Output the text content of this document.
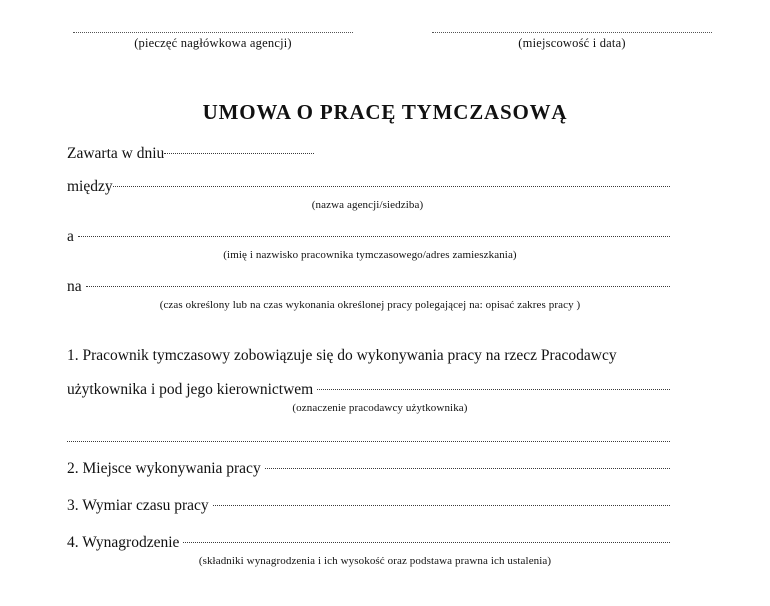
(pieczęć nagłówkowa agencji)	(miejscowość i data)
UMOWA O PRACĘ TYMCZASOWĄ
Zawarta w dniu
między
(nazwa agencji/siedziba)
a
(imię i nazwisko pracownika tymczasowego/adres zamieszkania)
na
(czas określony lub na czas wykonania określonej pracy polegającej na: opisać zakres pracy )
1. Pracownik tymczasowy zobowiązuje się do wykonywania pracy na rzecz Pracodawcy
użytkownika i pod jego kierownictwem
(oznaczenie pracodawcy użytkownika)
2. Miejsce wykonywania pracy
3. Wymiar czasu pracy
4. Wynagrodzenie
(składniki wynagrodzenia i ich wysokość oraz podstawa prawna ich ustalenia)
